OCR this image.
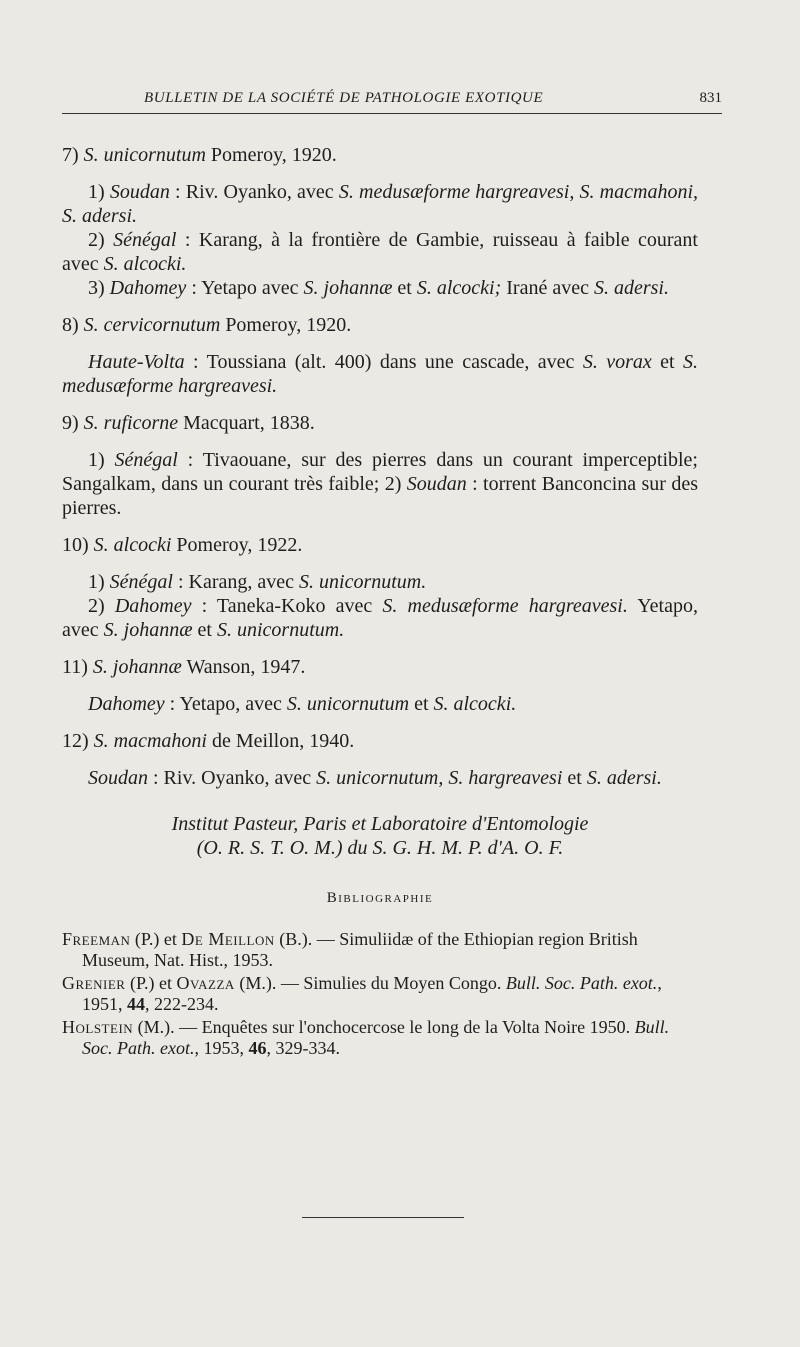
BULLETIN DE LA SOCIÉTÉ DE PATHOLOGIE EXOTIQUE	831

7) S. unicornutum Pomeroy, 1920.

1) Soudan : Riv. Oyanko, avec S. medusæforme hargreavesi, S. macmahoni, S. adersi.

2) Sénégal : Karang, à la frontière de Gambie, ruisseau à faible courant avec S. alcocki.

3) Dahomey : Yetapo avec S. johannæ et S. alcocki; Irané avec S. adersi.

8) S. cervicornutum Pomeroy, 1920.

Haute-Volta : Toussiana (alt. 400) dans une cascade, avec S. vorax et S. medusæforme hargreavesi.

9) S. ruficorne Macquart, 1838.

1) Sénégal : Tivaouane, sur des pierres dans un courant imperceptible; Sangalkam, dans un courant très faible; 2) Soudan : torrent Banconcina sur des pierres.

10) S. alcocki Pomeroy, 1922.

1) Sénégal : Karang, avec S. unicornutum.

2) Dahomey : Taneka-Koko avec S. medusæforme hargreavesi. Yetapo, avec S. johannæ et S. unicornutum.

11) S. johannæ Wanson, 1947.

Dahomey : Yetapo, avec S. unicornutum et S. alcocki.

12) S. macmahoni de Meillon, 1940.

Soudan : Riv. Oyanko, avec S. unicornutum, S. hargreavesi et S. adersi.

Institut Pasteur, Paris et Laboratoire d'Entomologie
(O. R. S. T. O. M.) du S. G. H. M. P. d'A. O. F.
Bibliographie

Freeman (P.) et De Meillon (B.). — Simuliidæ of the Ethiopian region British Museum, Nat. Hist., 1953.

Grenier (P.) et Ovazza (M.). — Simulies du Moyen Congo. Bull. Soc. Path. exot., 1951, 44, 222-234.

Holstein (M.). — Enquêtes sur l'onchocercose le long de la Volta Noire 1950. Bull. Soc. Path. exot., 1953, 46, 329-334.
